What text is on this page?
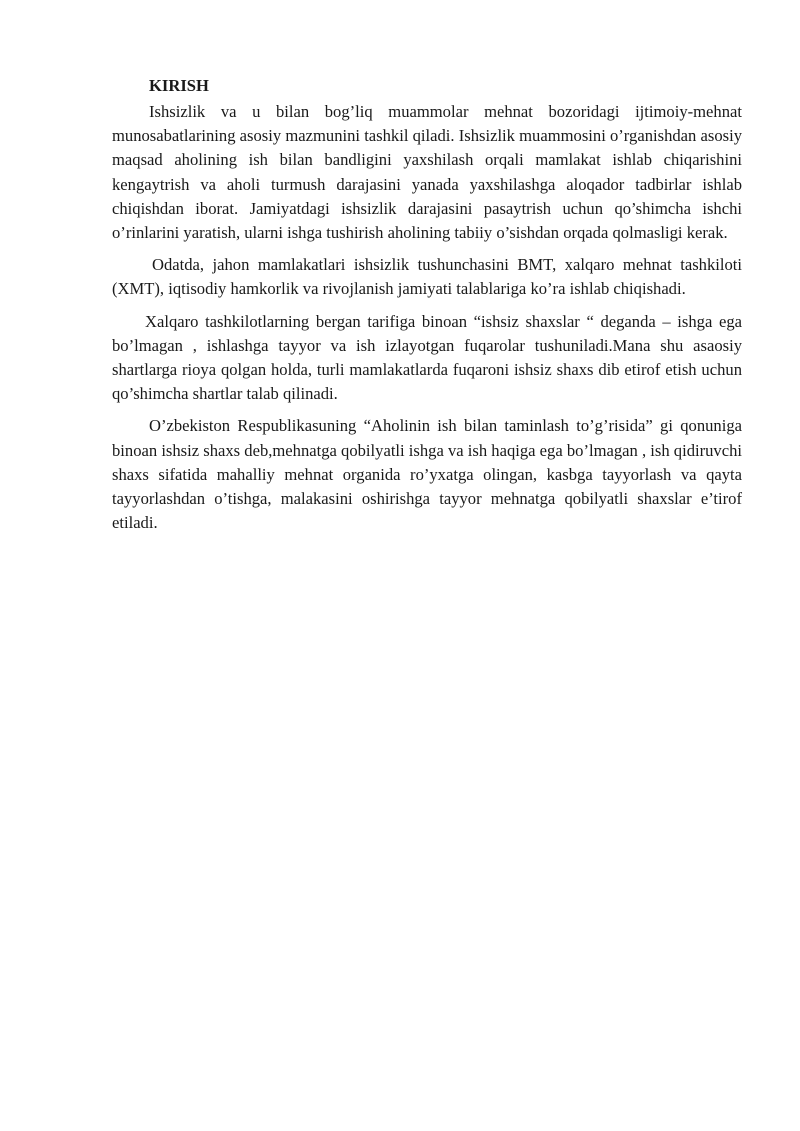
KIRISH

Ishsizlik va u bilan bog’liq muammolar mehnat bozoridagi ijtimoiy-mehnat munosabatlarining asosiy mazmunini tashkil qiladi. Ishsizlik muammosini o’rganishdan asosiy maqsad aholining ish bilan bandligini yaxshilash orqali mamlakat ishlab chiqarishini kengaytrish va aholi turmush darajasini yanada yaxshilashga aloqador tadbirlar ishlab chiqishdan iborat. Jamiyatdagi ishsizlik darajasini pasaytrish uchun qo’shimcha ishchi o’rinlarini yaratish, ularni ishga tushirish aholining tabiiy o’sishdan orqada qolmasligi kerak.

Odatda, jahon mamlakatlari ishsizlik tushunchasini BMT, xalqaro mehnat tashkiloti (XMT), iqtisodiy hamkorlik va rivojlanish jamiyati talablariga ko’ra ishlab chiqishadi.

Xalqaro tashkilotlarning bergan tarifiga binoan “ishsiz shaxslar “ deganda – ishga ega bo’lmagan , ishlashga tayyor va ish izlayotgan fuqarolar tushuniladi.Mana shu asaosiy shartlarga rioya qolgan holda, turli mamlakatlarda fuqaroni ishsiz shaxs dib etirof etish uchun qo’shimcha shartlar talab qilinadi.

O’zbekiston Respublikasuning “Aholinin ish bilan taminlash to’g’risida” gi qonuniga binoan ishsiz shaxs deb,mehnatga qobilyatli ishga va ish haqiga ega bo’lmagan , ish qidiruvchi shaxs sifatida mahalliy mehnat organida ro’yxatga olingan, kasbga tayyorlash va qayta tayyorlashdan o’tishga, malakasini oshirishga tayyor mehnatga qobilyatli shaxslar e’tirof etiladi.
